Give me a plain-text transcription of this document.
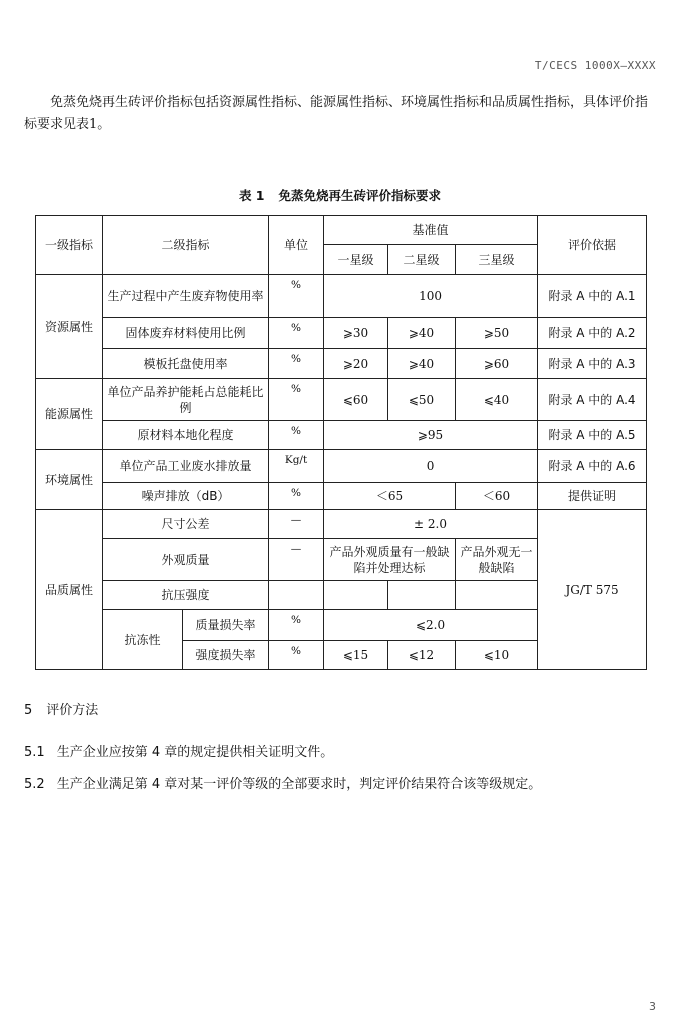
T/CECS 1000X—XXXX

免蒸免烧再生砖评价指标包括资源属性指标、能源属性指标、环境属性指标和品质属性指标，具体评价指标要求见表1。

表 1 免蒸免烧再生砖评价指标要求
一级指标	二级指标		单位	基准值			评价依据
				一星级	二星级	三星级	
资源属性	生产过程中产生废弃物使用率		%	100			附录 A 中的 A.1
	固体废弃材料使用比例		%	⩾30	⩾40	⩾50	附录 A 中的 A.2
	模板托盘使用率		%	⩾20	⩾40	⩾60	附录 A 中的 A.3
能源属性	单位产品养护能耗占总能耗比例		%	⩽60	⩽50	⩽40	附录 A 中的 A.4
	原材料本地化程度		%	⩾95			附录 A 中的 A.5
环境属性	单位产品工业废水排放量		Kg/t	0			附录 A 中的 A.6
	噪声排放（dB）		%	＜65		＜60	提供证明
品质属性	尺寸公差		—	± 2.0			JG/T 575
	外观质量		—	产品外观质量有一般缺陷并处理达标		产品外观无一般缺陷	
	抗压强度						
	抗冻性	质量损失率	%	⩽2.0			
		强度损失率	%	⩽15	⩽12	⩽10	
5 评价方法

5.1 生产企业应按第 4 章的规定提供相关证明文件。

5.2 生产企业满足第 4 章对某一评价等级的全部要求时，判定评价结果符合该等级规定。

3
